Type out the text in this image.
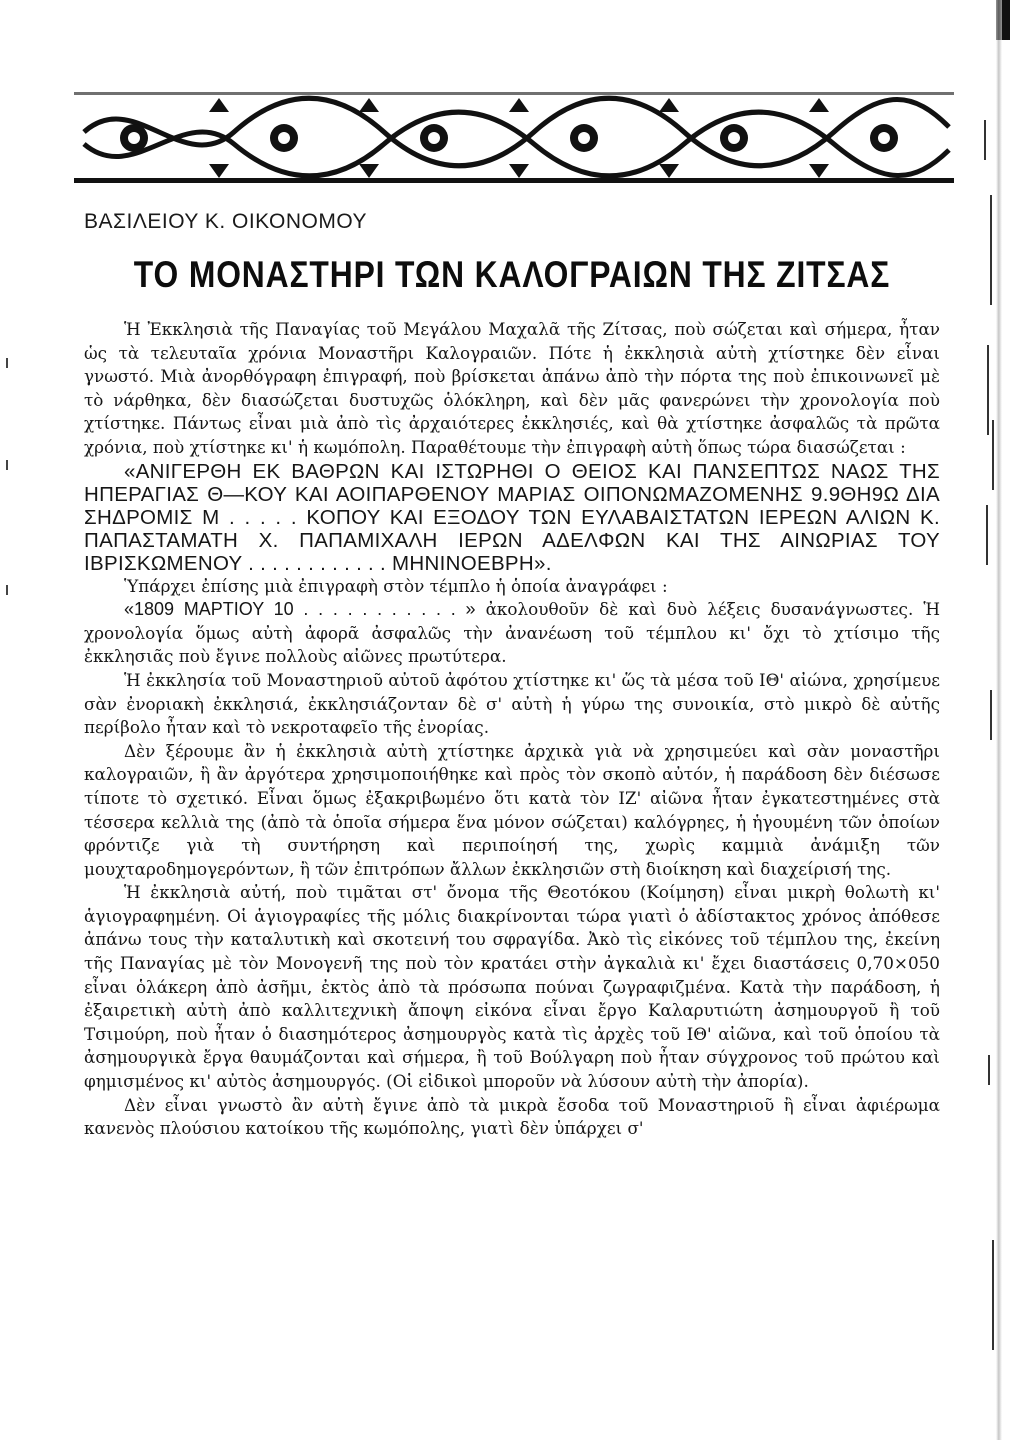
ΒΑΣΙΛΕΙΟΥ Κ. ΟΙΚΟΝΟΜΟΥ
ΤΟ ΜΟΝΑΣΤΗΡΙ ΤΩΝ ΚΑΛΟΓΡΑΙΩΝ ΤΗΣ ΖΙΤΣΑΣ

Ἡ Ἐκκλησιὰ τῆς Παναγίας τοῦ Μεγάλου Μαχαλᾶ τῆς Ζίτσας, ποὺ σώζεται καὶ σήμερα, ἦταν ὡς τὰ τελευταῖα χρόνια Μοναστῆρι Καλογραιῶν. Πότε ἡ ἐκκλησιὰ αὐτὴ χτίστηκε δὲν εἶναι γνωστό. Μιὰ ἀνορθόγραφη ἐπιγραφή, ποὺ βρίσκεται ἀπάνω ἀπὸ τὴν πόρτα της ποὺ ἐπικοινωνεῖ μὲ τὸ νάρθηκα, δὲν διασώζεται δυστυχῶς ὁλόκληρη, καὶ δὲν μᾶς φανερώνει τὴν χρονολογία ποὺ χτίστηκε. Πάντως εἶναι μιὰ ἀπὸ τὶς ἀρχαιότερες ἐκκλησιές, καὶ θὰ χτίστηκε ἀσφαλῶς τὰ πρῶτα χρόνια, ποὺ χτίστηκε κι' ἡ κωμόπολη. Παραθέτουμε τὴν ἐπιγραφὴ αὐτὴ ὅπως τώρα διασώζεται :

«ΑΝΙΓΕΡΘΗ ΕΚ ΒΑΘΡΩΝ ΚΑΙ ΙΣΤΩΡΗΘΙ Ο ΘΕΙΟΣ ΚΑΙ ΠΑΝΣΕΠΤΩΣ ΝΑΩΣ ΤΗΣ ΗΠΕΡΑΓΙΑΣ Θ—ΚΟΥ ΚΑΙ ΑΟΙΠΑΡΘΕΝΟΥ ΜΑΡΙΑΣ ΟΙΠΟΝΩΜΑΖΟΜΕΝΗΣ 9.9ΘΗ9Ω ΔΙΑ ΣΗΔΡΟΜΙΣ Μ . . . . . ΚΟΠΟΥ ΚΑΙ ΕΞΟΔΟΥ ΤΩΝ ΕΥΛΑΒΑΙΣΤΑΤΩΝ ΙΕΡΕΩΝ ΑΛΙΩΝ Κ. ΠΑΠΑΣΤΑΜΑΤΗ Χ. ΠΑΠΑΜΙΧΑΛΗ ΙΕΡΩΝ ΑΔΕΛΦΩΝ ΚΑΙ ΤΗΣ ΑΙΝΩΡΙΑΣ ΤΟΥ ΙΒΡΙΣΚΩΜΕΝΟΥ . . . . . . . . . . . . ΜΗΝΙΝΟΕΒΡΗ».

Ὑπάρχει ἐπίσης μιὰ ἐπιγραφὴ στὸν τέμπλο ἡ ὁποία ἀναγράφει :

«1809 ΜΑΡΤΙΟΥ 10 . . . . . . . . . . . » ἀκολουθοῦν δὲ καὶ δυὸ λέξεις δυσανάγνωστες. Ἡ χρονολογία ὅμως αὐτὴ ἀφορᾶ ἀσφαλῶς τὴν ἀνανέωση τοῦ τέμπλου κι' ὄχι τὸ χτίσιμο τῆς ἐκκλησιᾶς ποὺ ἔγινε πολλοὺς αἰῶνες πρωτύτερα.

Ἡ ἐκκλησία τοῦ Μοναστηριοῦ αὐτοῦ ἀφότου χτίστηκε κι' ὥς τὰ μέσα τοῦ ΙΘ' αἰώνα, χρησίμευε σὰν ἐνοριακὴ ἐκκλησιά, ἐκκλησιάζονταν δὲ σ' αὐτὴ ἡ γύρω της συνοικία, στὸ μικρὸ δὲ αὐτῆς περίβολο ἦταν καὶ τὸ νεκροταφεῖο τῆς ἐνορίας.

Δὲν ξέρουμε ἂν ἡ ἐκκλησιὰ αὐτὴ χτίστηκε ἀρχικὰ γιὰ νὰ χρησιμεύει καὶ σὰν μοναστῆρι καλογραιῶν, ἢ ἂν ἀργότερα χρησιμοποιήθηκε καὶ πρὸς τὸν σκοπὸ αὐτόν, ἡ παράδοση δὲν διέσωσε τίποτε τὸ σχετικό. Εἶναι ὅμως ἐξακριβωμένο ὅτι κατὰ τὸν ΙΖ' αἰῶνα ἦταν ἐγκατεστημένες στὰ τέσσερα κελλιὰ της (ἀπὸ τὰ ὁποῖα σήμερα ἕνα μόνον σώζεται) καλόγρηες, ἡ ἡγουμένη τῶν ὁποίων φρόντιζε γιὰ τὴ συντήρηση καὶ περιποίησή της, χωρὶς καμμιὰ ἀνάμιξη τῶν μουχταροδημογερόντων, ἢ τῶν ἐπιτρόπων ἄλλων ἐκκλησιῶν στὴ διοίκηση καὶ διαχείρισή της.

Ἡ ἐκκλησιὰ αὐτή, ποὺ τιμᾶται στ' ὄνομα τῆς Θεοτόκου (Κοίμηση) εἶναι μικρὴ θολωτὴ κι' ἁγιογραφημένη. Οἱ ἁγιογραφίες τῆς μόλις διακρίνονται τώρα γιατὶ ὁ ἀδίστακτος χρόνος ἀπόθεσε ἀπάνω τους τὴν καταλυτικὴ καὶ σκοτεινή του σφραγίδα. Ἀκὸ τὶς εἰκόνες τοῦ τέμπλου της, ἐκείνη τῆς Παναγίας μὲ τὸν Μονογενῆ της ποὺ τὸν κρατάει στὴν ἀγκαλιὰ κι' ἔχει διαστάσεις 0,70×050 εἶναι ὁλάκερη ἀπὸ ἀσῆμι, ἐκτὸς ἀπὸ τὰ πρόσωπα πούναι ζωγραφιζμένα. Κατὰ τὴν παράδοση, ἡ ἐξαιρετικὴ αὐτὴ ἀπὸ καλλιτεχνικὴ ἄποψη εἰκόνα εἶναι ἔργο Καλαρυτιώτη ἀσημουργοῦ ἢ τοῦ Τσιμούρη, ποὺ ἦταν ὁ διασημότερος ἀσημουργὸς κατὰ τὶς ἀρχὲς τοῦ ΙΘ' αἰῶνα, καὶ τοῦ ὁποίου τὰ ἀσημουργικὰ ἔργα θαυμάζονται καὶ σήμερα, ἢ τοῦ Βούλγαρη ποὺ ἦταν σύγχρονος τοῦ πρώτου καὶ φημισμένος κι' αὐτὸς ἀσημουργός. (Οἱ εἰδικοὶ μποροῦν νὰ λύσουν αὐτὴ τὴν ἀπορία).

Δὲν εἶναι γνωστὸ ἂν αὐτὴ ἔγινε ἀπὸ τὰ μικρὰ ἔσοδα τοῦ Μοναστηριοῦ ἢ εἶναι ἀφιέρωμα κανενὸς πλούσιου κατοίκου τῆς κωμόπολης, γιατὶ δὲν ὑπάρχει σ'
